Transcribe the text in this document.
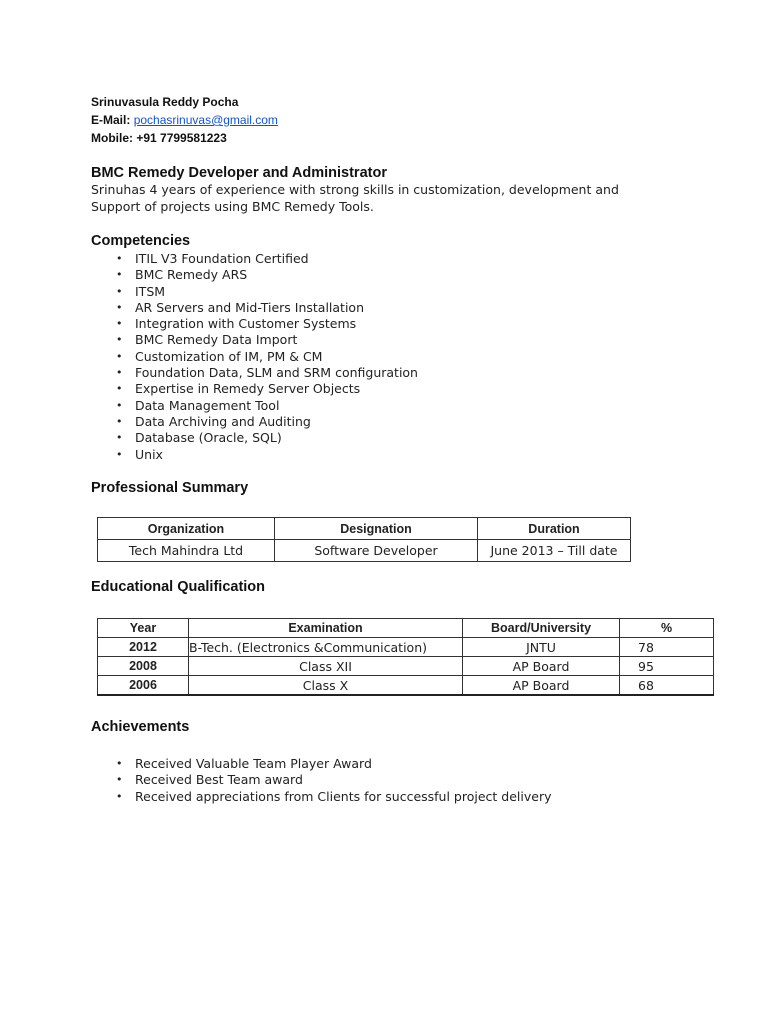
Srinuvasula Reddy Pocha
E-Mail: pochasrinuvas@gmail.com
Mobile: +91 7799581223
BMC Remedy Developer and Administrator
Srinuhas 4 years of experience with strong skills in customization, development and Support of projects using BMC Remedy Tools.
Competencies
• ITIL V3 Foundation Certified
• BMC Remedy ARS
• ITSM
• AR Servers and Mid-Tiers Installation
• Integration with Customer Systems
• BMC Remedy Data Import
• Customization of IM, PM & CM
• Foundation Data, SLM and SRM configuration
• Expertise in Remedy Server Objects
• Data Management Tool
• Data Archiving and Auditing
• Database (Oracle, SQL)
• Unix
Professional Summary
Organization	Designation	Duration
Tech Mahindra Ltd	Software Developer	June 2013 – Till date
Educational Qualification
Year	Examination	Board/University	%
2012	B-Tech. (Electronics &Communication)	JNTU	78
2008	Class XII	AP Board	95
2006	Class X	AP Board	68
Achievements
• Received Valuable Team Player Award
• Received Best Team award
• Received appreciations from Clients for successful project delivery
